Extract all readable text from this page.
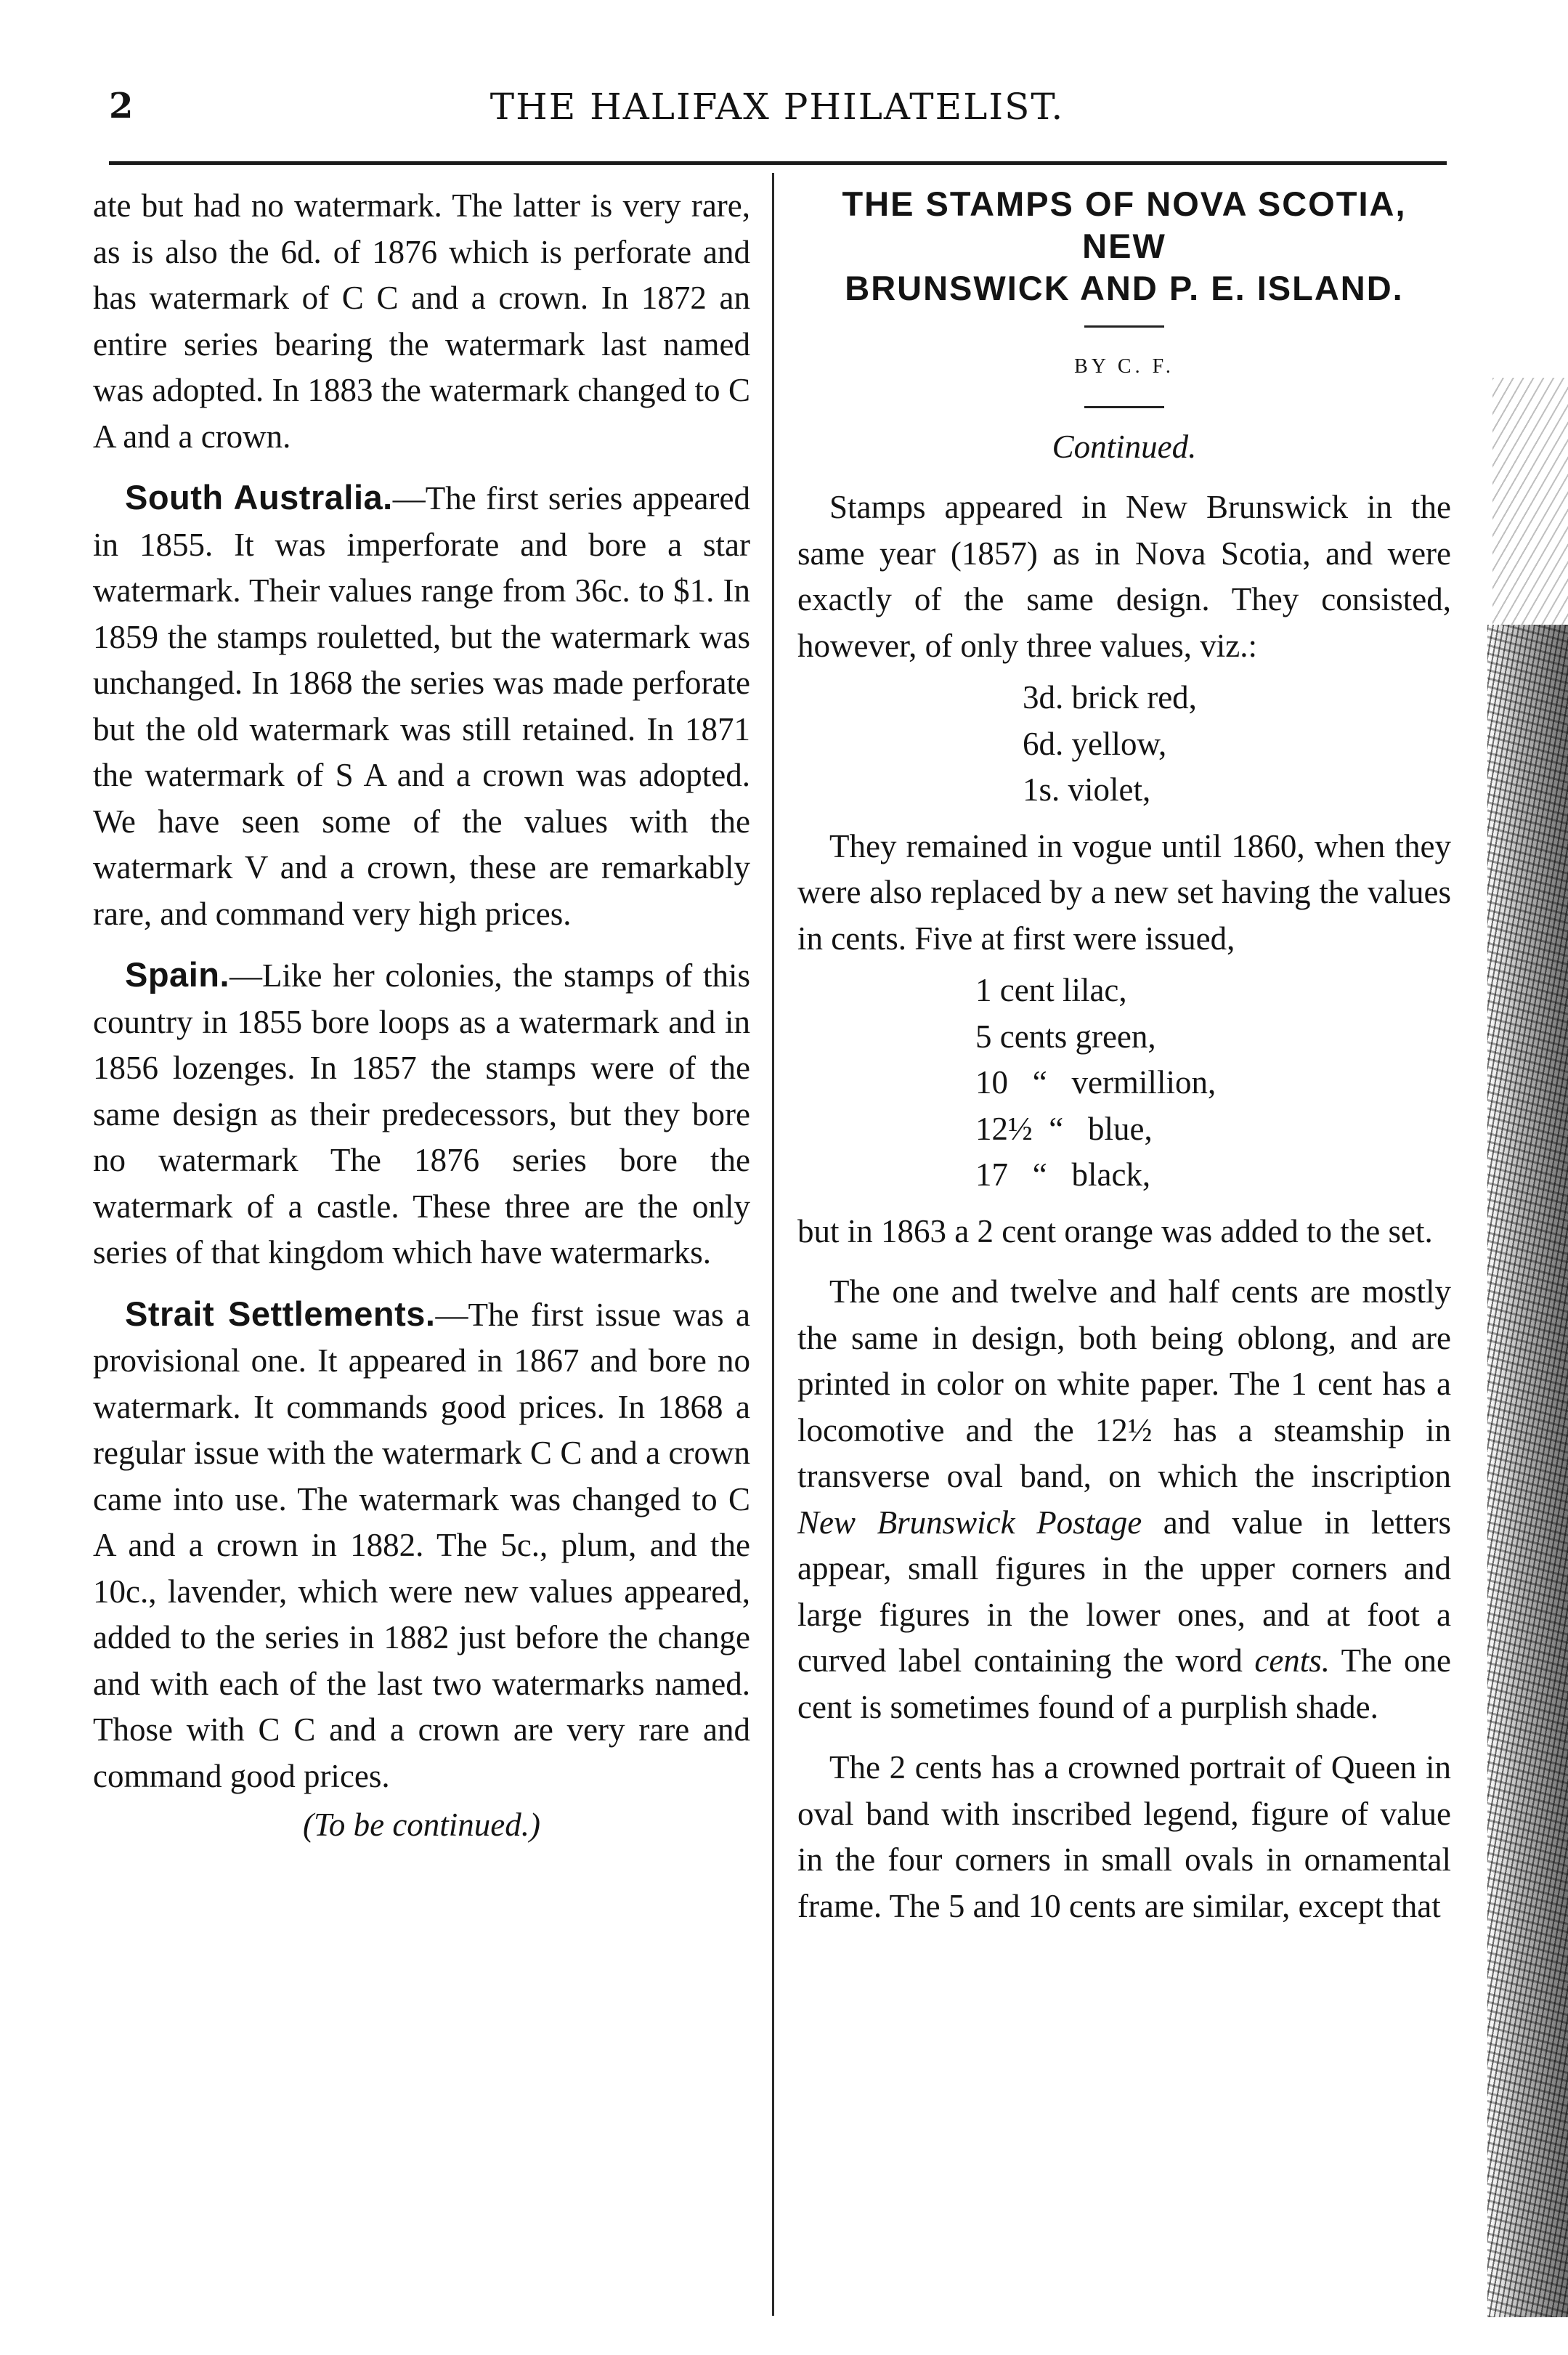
2	THE HALIFAX PHILATELIST.

ate but had no watermark. The latter is very rare, as is also the 6d. of 1876 which is perforate and has watermark of C C and a crown. In 1872 an entire series bearing the watermark last named was adopted. In 1883 the watermark changed to C A and a crown.

South Australia.—The first series appeared in 1855. It was imperforate and bore a star watermark. Their values range from 36c. to $1. In 1859 the stamps rouletted, but the watermark was unchanged. In 1868 the series was made perforate but the old watermark was still retained. In 1871 the watermark of S A and a crown was adopted. We have seen some of the values with the watermark V and a crown, these are remarkably rare, and command very high prices.

Spain.—Like her colonies, the stamps of this country in 1855 bore loops as a watermark and in 1856 lozenges. In 1857 the stamps were of the same design as their predecessors, but they bore no watermark The 1876 series bore the watermark of a castle. These three are the only series of that kingdom which have watermarks.

Strait Settlements.—The first issue was a provisional one. It appeared in 1867 and bore no watermark. It commands good prices. In 1868 a regular issue with the watermark C C and a crown came into use. The watermark was changed to C A and a crown in 1882. The 5c., plum, and the 10c., lavender, which were new values appeared, added to the series in 1882 just before the change and with each of the last two watermarks named. Those with C C and a crown are very rare and command good prices.

(To be continued.)

THE STAMPS OF NOVA SCOTIA, NEW
BRUNSWICK AND P. E. ISLAND.

BY C. F.

Continued.

Stamps appeared in New Brunswick in the same year (1857) as in Nova Scotia, and were exactly of the same design. They consisted, however, of only three values, viz.:

3d. brick red,
6d. yellow,
1s. violet,

They remained in vogue until 1860, when they were also replaced by a new set having the values in cents. Five at first were issued,

1 cent lilac,
5 cents green,
10   “   vermillion,
12½  “   blue,
17   “   black,

but in 1863 a 2 cent orange was added to the set.

The one and twelve and half cents are mostly the same in design, both being oblong, and are printed in color on white paper. The 1 cent has a locomotive and the 12½ has a steamship in transverse oval band, on which the inscription New Brunswick Postage and value in letters appear, small figures in the upper corners and large figures in the lower ones, and at foot a curved label containing the word cents. The one cent is sometimes found of a purplish shade.

The 2 cents has a crowned portrait of Queen in oval band with inscribed legend, figure of value in the four corners in small ovals in ornamental frame. The 5 and 10 cents are similar, except that
